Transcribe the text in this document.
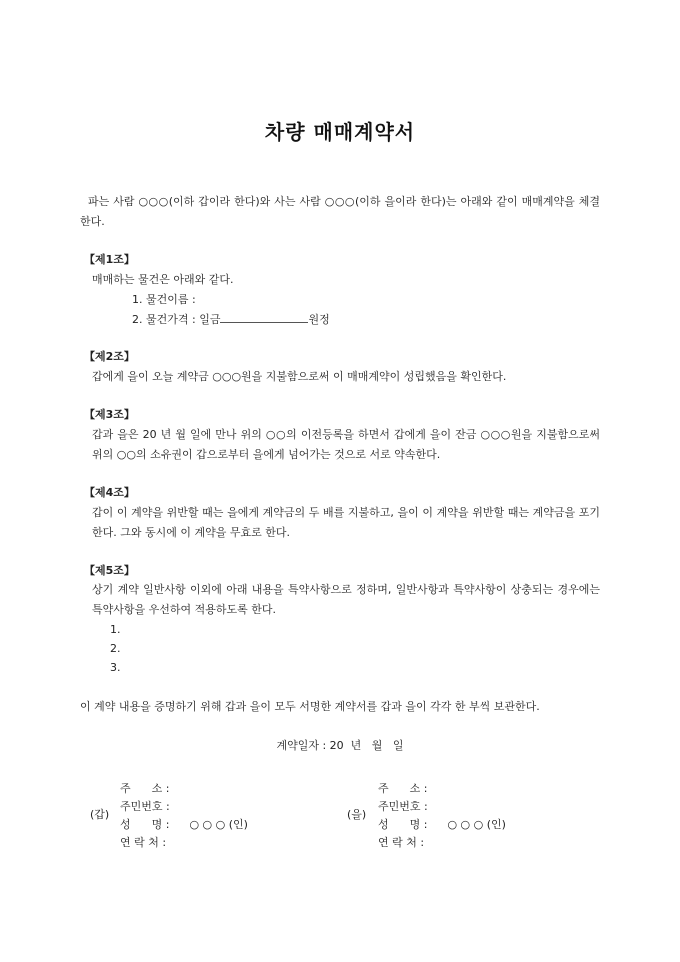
차량 매매계약서
파는 사람 ○○○(이하 갑이라 한다)와 사는 사람 ○○○(이하 을이라 한다)는 아래와 같이 매매계약을 체결한다.
【제1조】
매매하는 물건은 아래와 같다.
1. 물건이름 :
2. 물건가격 : 일금	원정
【제2조】
갑에게 을이 오늘 계약금 ○○○원을 지불함으로써 이 매매계약이 성립했음을 확인한다.
【제3조】
갑과 을은 20 년 월 일에 만나 위의 ○○의 이전등록을 하면서 갑에게 을이 잔금 ○○○원을 지불함으로써 위의 ○○의 소유권이 갑으로부터 을에게 넘어가는 것으로 서로 약속한다.
【제4조】
갑이 이 계약을 위반할 때는 을에게 계약금의 두 배를 지불하고, 을이 이 계약을 위반할 때는 계약금을 포기한다. 그와 동시에 이 계약을 무효로 한다.
【제5조】
상기 계약 일반사항 이외에 아래 내용을 특약사항으로 정하며, 일반사항과 특약사항이 상충되는 경우에는 특약사항을 우선하여 적용하도록 한다.
1.
2.
3.
이 계약 내용을 증명하기 위해 갑과 을이 모두 서명한 계약서를 갑과 을이 각각 한 부씩 보관한다.
계약일자 : 20  년   월   일
(갑)
주      소 :
주민번호 :
성      명 : ○ ○ ○ (인)
연 락 처 :
(을)
주      소 :
주민번호 :
성      명 : ○ ○ ○ (인)
연 락 처 :
